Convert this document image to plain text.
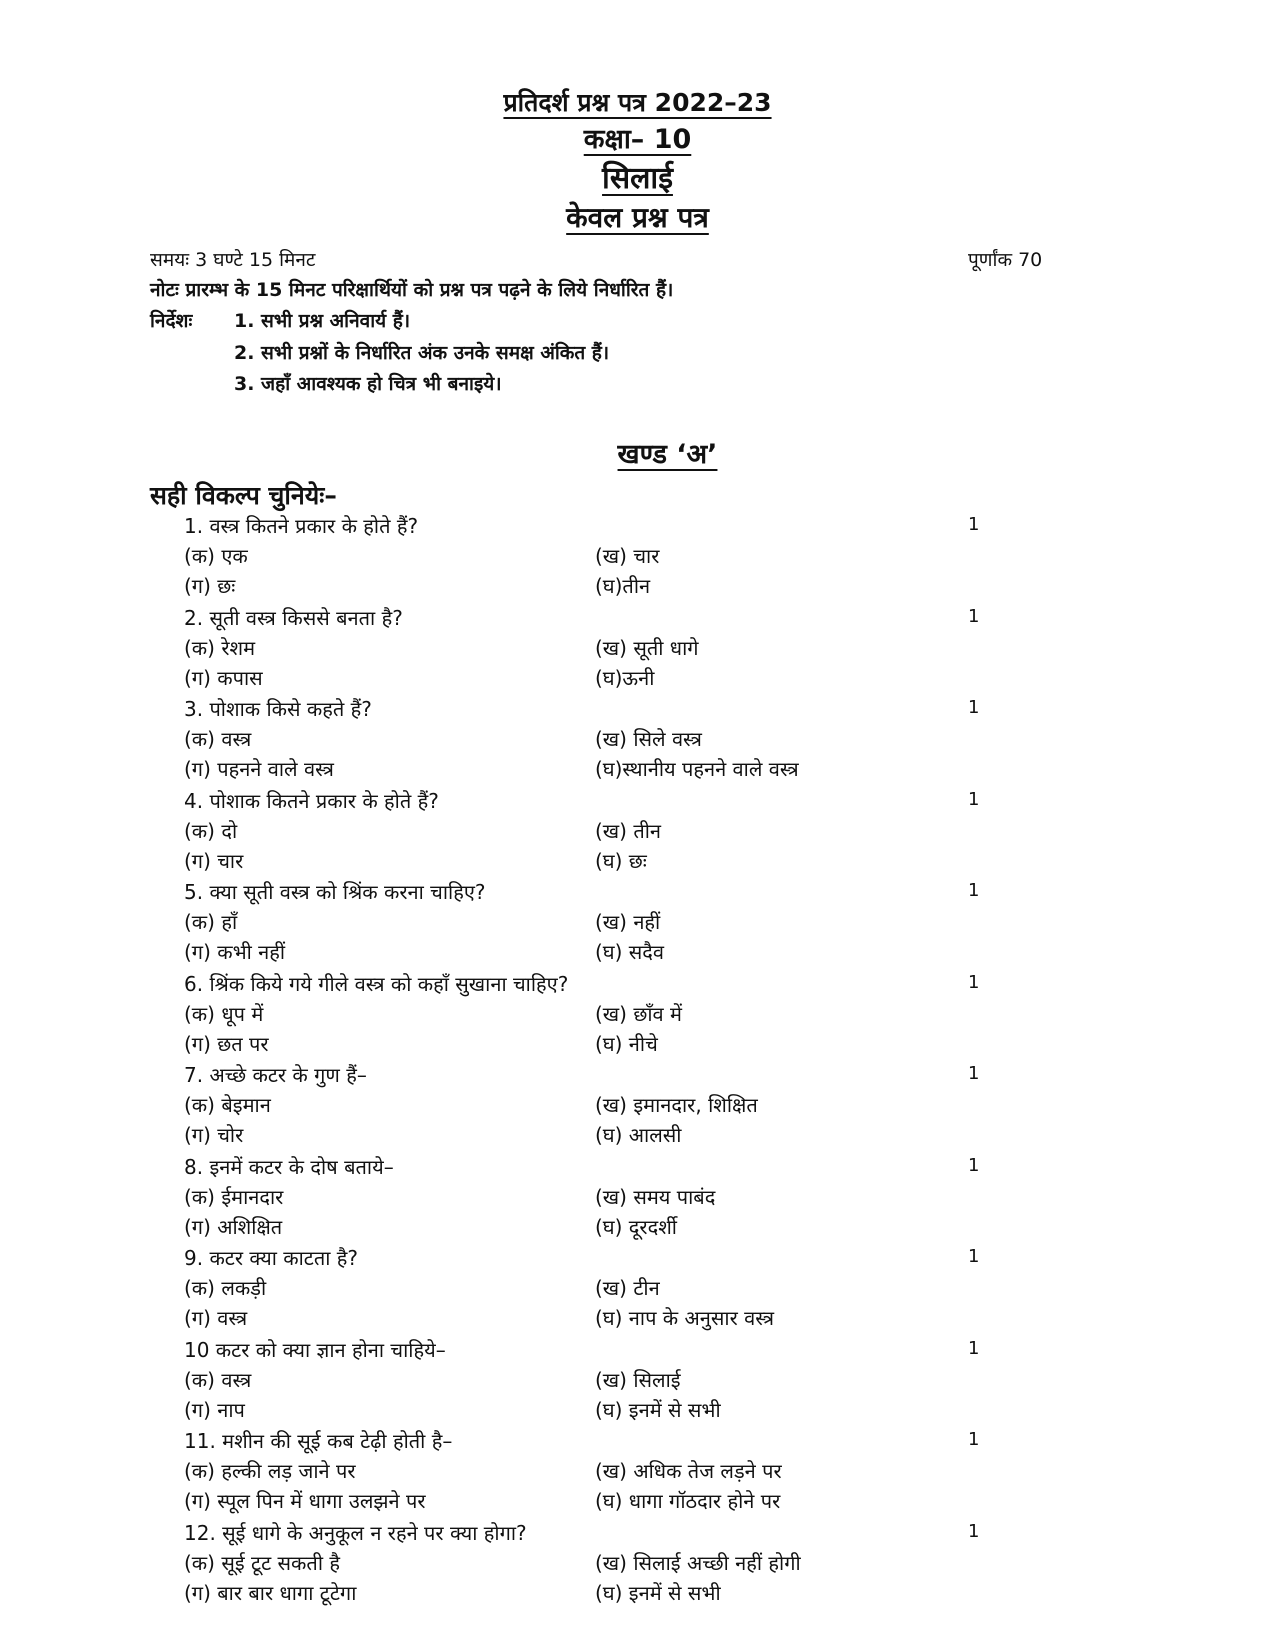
प्रतिदर्श प्रश्न पत्र 2022–23
कक्षा– 10
सिलाई
केवल प्रश्न पत्र
समयः 3 घण्टे 15 मिनट	पूर्णांक 70
नोटः प्रारम्भ के 15 मिनट परिक्षार्थियों को प्रश्न पत्र पढ़ने के लिये निर्धारित हैं।
निर्देशः 1. सभी प्रश्न अनिवार्य हैं।
2. सभी प्रश्नों के निर्धारित अंक उनके समक्ष अंकित हैं।
3. जहाँ आवश्यक हो चित्र भी बनाइये।
खण्ड ‘अ’
सही विकल्प चुनियेः–
1. वस्त्र कितने प्रकार के होते हैं?	1
(क) एक	(ख) चार
(ग) छः	(घ)तीन
2. सूती वस्त्र किससे बनता है?	1
(क) रेशम	(ख) सूती धागे
(ग) कपास	(घ)ऊनी
3. पोशाक किसे कहते हैं?	1
(क) वस्त्र	(ख) सिले वस्त्र
(ग) पहनने वाले वस्त्र	(घ)स्थानीय पहनने वाले वस्त्र
4. पोशाक कितने प्रकार के होते हैं?	1
(क) दो	(ख) तीन
(ग) चार	(घ) छः
5. क्या सूती वस्त्र को श्रिंक करना चाहिए?	1
(क) हाँ	(ख) नहीं
(ग) कभी नहीं	(घ) सदैव
6. श्रिंक किये गये गीले वस्त्र को कहाँ सुखाना चाहिए?	1
(क) धूप में	(ख) छाँव में
(ग) छत पर	(घ) नीचे
7. अच्छे कटर के गुण हैं–	1
(क) बेइमान	(ख) इमानदार, शिक्षित
(ग) चोर	(घ) आलसी
8. इनमें कटर के दोष बताये–	1
(क) ईमानदार	(ख) समय पाबंद
(ग) अशिक्षित	(घ) दूरदर्शी
9. कटर क्या काटता है?	1
(क) लकड़ी	(ख) टीन
(ग) वस्त्र	(घ) नाप के अनुसार वस्त्र
10 कटर को क्या ज्ञान होना चाहिये–	1
(क) वस्त्र	(ख) सिलाई
(ग) नाप	(घ) इनमें से सभी
11. मशीन की सूई कब टेढ़ी होती है–	1
(क) हल्की लड़ जाने पर	(ख) अधिक तेज लड़ने पर
(ग) स्पूल पिन में धागा उलझने पर	(घ) धागा गॉठदार होने पर
12. सूई धागे के अनुकूल न रहने पर क्या होगा?	1
(क) सूई टूट सकती है	(ख) सिलाई अच्छी नहीं होगी
(ग) बार बार धागा टूटेगा	(घ) इनमें से सभी
